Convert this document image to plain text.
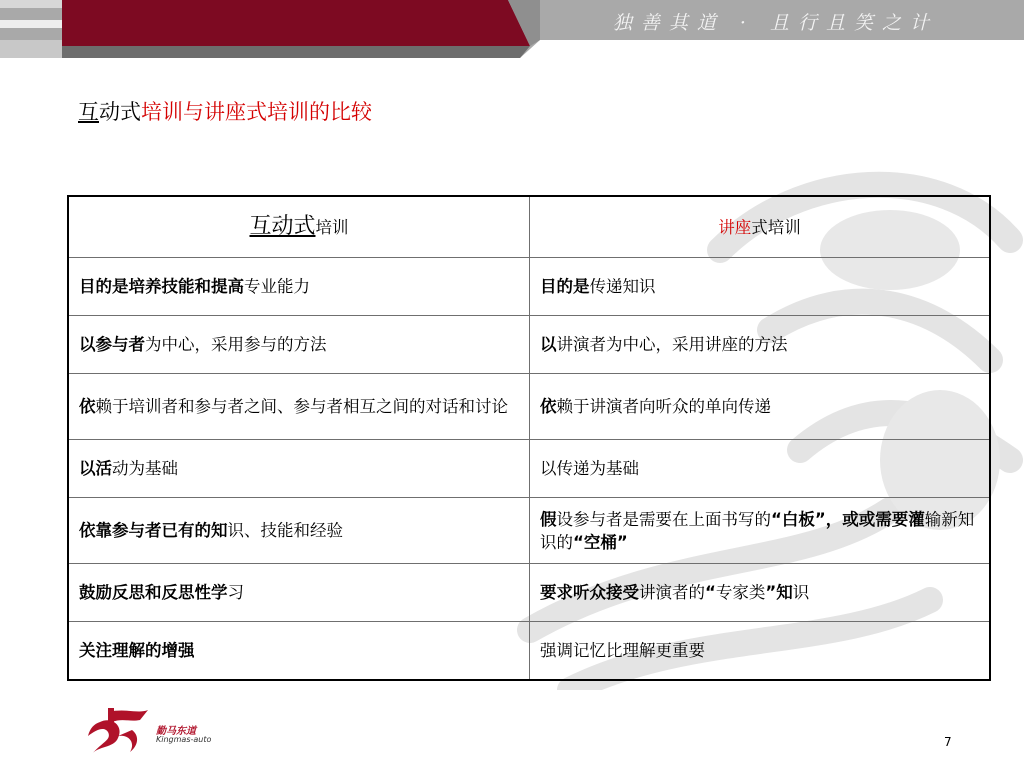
独善其道 · 且行且笑之计
互动式培训与讲座式培训的比较
互动式培训	讲座式培训
目的是培养技能和提高专业能力	目的是传递知识
以参与者为中心，采用参与的方法	以讲演者为中心，采用讲座的方法
依赖于培训者和参与者之间、参与者相互之间的对话和讨论	依赖于讲演者向听众的单向传递
以活动为基础	以传递为基础
依靠参与者已有的知识、技能和经验	假设参与者是需要在上面书写的“白板”，或或需要灌输新知识的“空桶”
鼓励反思和反思性学习	要求听众接受讲演者的“专家类”知识
关注理解的增强	强调记忆比理解更重要
勤马东道
Kingmas-auto	7
